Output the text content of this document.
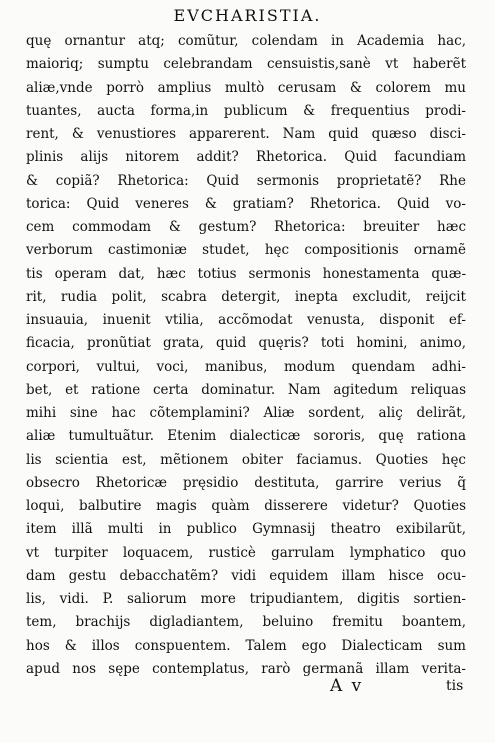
EVCHARISTIA.
quę ornantur atq; comũtur, colendam in Academia hac,
maioriq; sumptu celebrandam censuistis,sanè vt haberẽt
aliæ,vnde porrò amplius multò cerusam & colorem mu
tuantes, aucta forma,in publicum & frequentius prodi-
rent, & venustiores apparerent. Nam quid quæso disci-
plinis alijs nitorem addit? Rhetorica. Quid facundiam
& copiã? Rhetorica: Quid sermonis proprietatẽ? Rhe
torica: Quid veneres & gratiam? Rhetorica. Quid vo-
cem commodam & gestum? Rhetorica: breuiter hæc
verborum castimoniæ studet, hęc compositionis ornamẽ
tis operam dat, hæc totius sermonis honestamenta quæ-
rit, rudia polit, scabra detergit, inepta excludit, reijcit
insuauia, inuenit vtilia, accõmodat venusta, disponit ef-
ficacia, pronũtiat grata, quid quęris? toti homini, animo,
corpori, vultui, voci, manibus, modum quendam adhi-
bet, et ratione certa dominatur. Nam agitedum reliquas
mihi sine hac cõtemplamini? Aliæ sordent, aliç delirãt,
aliæ tumultuãtur. Etenim dialecticæ sororis, quę rationa
lis scientia est, mẽtionem obiter faciamus. Quoties hęc
obsecro Rhetoricæ pręsidio destituta, garrire verius q̃
loqui, balbutire magis quàm disserere videtur? Quoties
item illã multi in publico Gymnasij theatro exibilarũt,
vt turpiter loquacem, rusticè garrulam lymphatico quo
dam gestu debacchatẽm? vidi equidem illam hisce ocu-
lis, vidi. P. saliorum more tripudiantem, digitis sortien-
tem, brachijs digladiantem, beluino fremitu boantem,
hos & illos conspuentem. Talem ego Dialecticam sum
apud nos sępe contemplatus, rarò germanã illam verita-
A v	tis
